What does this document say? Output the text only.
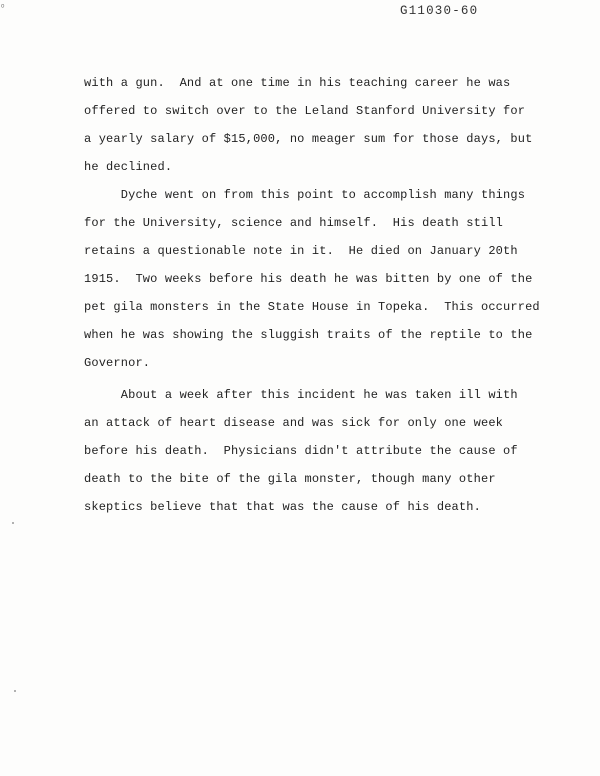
ₒ	G11030-60
with a gun.  And at one time in his teaching career he was
offered to switch over to the Leland Stanford University for
a yearly salary of $15,000, no meager sum for those days, but
he declined.
Dyche went on from this point to accomplish many things
for the University, science and himself.  His death still
retains a questionable note in it.  He died on January 20th
1915.  Two weeks before his death he was bitten by one of the
pet gila monsters in the State House in Topeka.  This occurred
when he was showing the sluggish traits of the reptile to the
Governor.
About a week after this incident he was taken ill with
an attack of heart disease and was sick for only one week
before his death.  Physicians didn't attribute the cause of
death to the bite of the gila monster, though many other
skeptics believe that that was the cause of his death.
